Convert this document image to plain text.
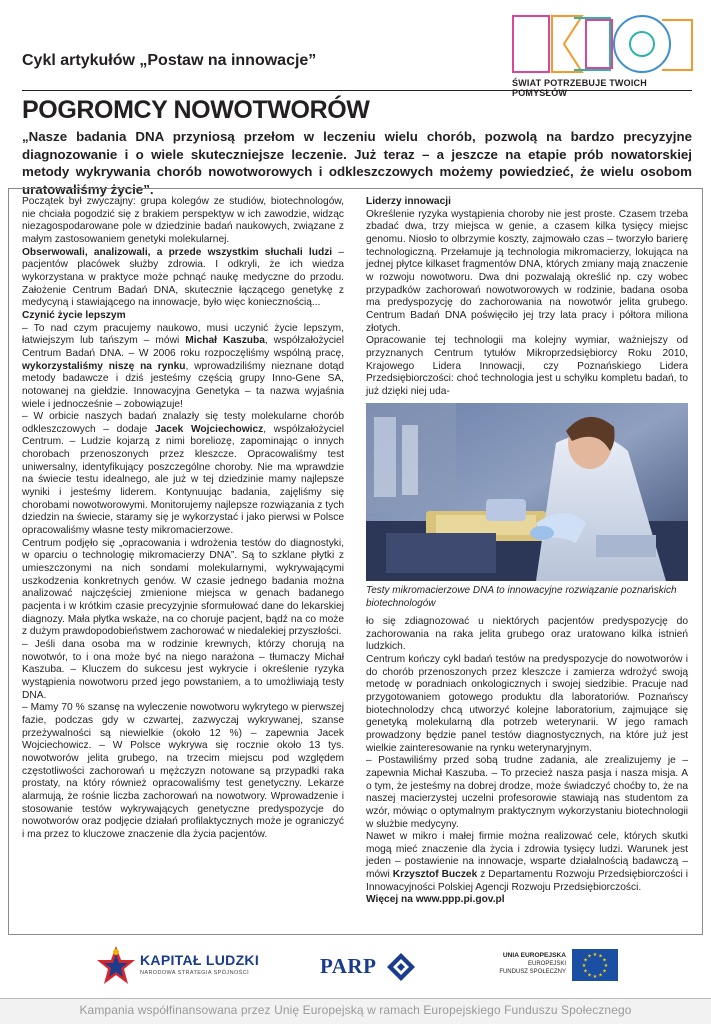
Cykl artykułów „Postaw na innowacje”
ŚWIAT POTRZEBUJE TWOICH POMYSŁÓW
POGROMCY NOWOTWORÓW
„Nasze badania DNA przyniosą przełom w leczeniu wielu chorób, pozwolą na bardzo precyzyjne diagnozowanie i o wiele skuteczniejsze leczenie. Już teraz – a jeszcze na etapie prób nowatorskiej metody wykrywania chorób nowotworowych i odkleszczowych możemy powiedzieć, że wielu osobom uratowaliśmy życie”.

Początek był zwyczajny: grupa kolegów ze studiów, biotechnologów, nie chciała pogodzić się z brakiem perspektyw w ich zawodzie, widząc niezagospodarowane pole w dziedzinie badań naukowych, związane z małym zastosowaniem genetyki molekularnej.

Obserwowali, analizowali, a przede wszystkim słuchali ludzi – pacjentów placówek służby zdrowia. I odkryli, że ich wiedza wykorzystana w praktyce może pchnąć naukę medyczne do przodu. Założenie Centrum Badań DNA, skutecznie łączącego genetykę z medycyną i stawiającego na innowacje, było więc koniecznością...

Czynić życie lepszym

– To nad czym pracujemy naukowo, musi uczynić życie lepszym, łatwiejszym lub tańszym – mówi Michał Kaszuba, współzałożyciel Centrum Badań DNA. – W 2006 roku rozpoczęliśmy wspólną pracę, wykorzystaliśmy niszę na rynku, wprowadziliśmy nieznane dotąd metody badawcze i dziś jesteśmy częścią grupy Inno-Gene SA, notowanej na giełdzie. Innowacyjna Genetyka – ta nazwa wyjaśnia wiele i jednocześnie – zobowiązuje!

– W orbicie naszych badań znalazły się testy molekularne chorób odkleszczowych – dodaje Jacek Wojciechowicz, współzałożyciel Centrum. – Ludzie kojarzą z nimi boreliozę, zapominając o innych chorobach przenoszonych przez kleszcze. Opracowaliśmy test uniwersalny, identyfikujący poszczególne choroby. Nie ma wprawdzie na świecie testu idealnego, ale już w tej dziedzinie mamy najlepsze wyniki i jesteśmy liderem. Kontynuując badania, zajęliśmy się chorobami nowotworowymi. Monitorujemy najlepsze rozwiązania z tych dziedzin na świecie, staramy się je wykorzystać i jako pierwsi w Polsce opracowaliśmy własne testy mikromacierzowe.

Centrum podjęło się „opracowania i wdrożenia testów do diagnostyki, w oparciu o technologię mikromacierzy DNA”. Są to szklane płytki z umieszczonymi na nich sondami molekularnymi, wykrywającymi uszkodzenia konkretnych genów. W czasie jednego badania można analizować najczęściej zmienione miejsca w genach badanego pacjenta i w krótkim czasie precyzyjnie sformułować dane do lekarskiej diagnozy. Mała płytka wskaże, na co choruje pacjent, bądź na co może z dużym prawdopodobieństwem zachorować w niedalekiej przyszłości.

– Jeśli dana osoba ma w rodzinie krewnych, którzy chorują na nowotwór, to i ona może być na niego narażona – tłumaczy Michał Kaszuba. – Kluczem do sukcesu jest wykrycie i określenie ryzyka wystąpienia nowotworu przed jego powstaniem, a to umożliwiają testy DNA.

– Mamy 70 % szansę na wyleczenie nowotworu wykrytego w pierwszej fazie, podczas gdy w czwartej, zazwyczaj wykrywanej, szanse przeżywalności są niewielkie (około 12 %) – zapewnia Jacek Wojciechowicz. – W Polsce wykrywa się rocznie około 13 tys. nowotworów jelita grubego, na trzecim miejscu pod względem częstotliwości zachorowań u mężczyzn notowane są przypadki raka prostaty, na który również opracowaliśmy test genetyczny. Lekarze alarmują, że rośnie liczba zachorowań na nowotwory. Wprowadzenie i stosowanie testów wykrywających genetyczne predyspozycje do nowotworów oraz podjęcie działań profilaktycznych może je ograniczyć i ma przez to kluczowe znaczenie dla życia pacjentów.

Liderzy innowacji

Określenie ryzyka wystąpienia choroby nie jest proste. Czasem trzeba zbadać dwa, trzy miejsca w genie, a czasem kilka tysięcy miejsc genomu. Niosło to olbrzymie koszty, zajmowało czas – tworzyło barierę technologiczną. Przełamuje ją technologia mikromacierzy, lokująca na jednej płytce kilkaset fragmentów DNA, których zmiany mają znaczenie w rozwoju nowotworu. Dwa dni pozwalają określić np. czy wobec przypadków zachorowań nowotworowych w rodzinie, badana osoba ma predyspozycję do zachorowania na nowotwór jelita grubego. Centrum Badań DNA poświęciło jej trzy lata pracy i półtora miliona złotych.

Opracowanie tej technologii ma kolejny wymiar, ważniejszy od przyznanych Centrum tytułów Mikroprzedsiębiorcy Roku 2010, Krajowego Lidera Innowacji, czy Poznańskiego Lidera Przedsiębiorczości: choć technologia jest u schyłku kompletu badań, to już dzięki niej uda-

Testy mikromacierzowe DNA to innowacyjne rozwiązanie poznańskich biotechnologów

ło się zdiagnozować u niektórych pacjentów predyspozycję do zachorowania na raka jelita grubego oraz uratowano kilka istnień ludzkich.

Centrum kończy cykl badań testów na predyspozycje do nowotworów i do chorób przenoszonych przez kleszcze i zamierza wdrożyć swoją metodę w poradniach onkologicznych i swojej siedzibie. Pracuje nad przygotowaniem gotowego produktu dla laboratoriów. Poznańscy biotechnolodzy chcą utworzyć kolejne laboratorium, zajmujące się genetyką molekularną dla potrzeb weterynarii. W jego ramach prowadzony będzie panel testów diagnostycznych, na które już jest wielkie zainteresowanie na rynku weterynaryjnym.

– Postawiliśmy przed sobą trudne zadania, ale zrealizujemy je – zapewnia Michał Kaszuba. – To przecież nasza pasja i nasza misja. A o tym, że jesteśmy na dobrej drodze, może świadczyć choćby to, że na naszej macierzystej uczelni profesorowie stawiają nas studentom za wzór, mówiąc o optymalnym praktycznym wykorzystaniu biotechnologii w służbie medycyny.

Nawet w mikro i małej firmie można realizować cele, których skutki mogą mieć znaczenie dla życia i zdrowia tysięcy ludzi. Warunek jest jeden – postawienie na innowacje, wsparte działalnością badawczą – mówi Krzysztof Buczek z Departamentu Rozwoju Przedsiębiorczości i Innowacyjności Polskiej Agencji Rozwoju Przedsiębiorczości.

Więcej na www.ppp.pi.gov.pl

KAPITAŁ LUDZKI
NARODOWA STRATEGIA SPÓJNOŚCI	PARP	UNIA EUROPEJSKA
EUROPEJSKI
FUNDUSZ SPOŁECZNY
★ ★
★
★
★
★
★
★
★
★
★
★
Kampania współfinansowana przez Unię Europejską w ramach Europejskiego Funduszu Społecznego
